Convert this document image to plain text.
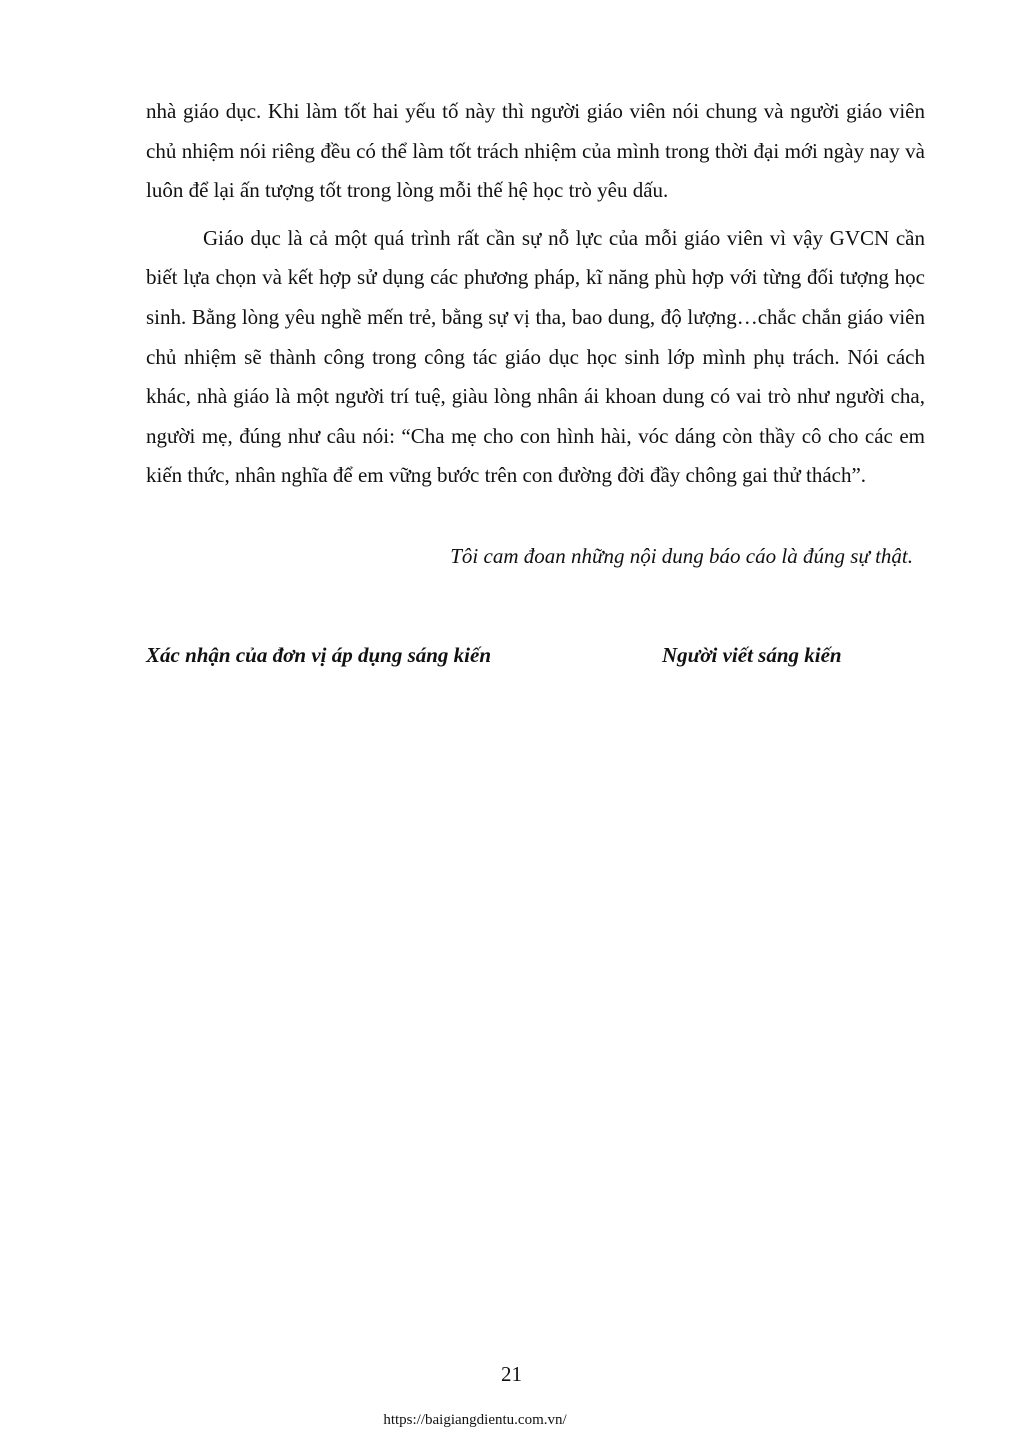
nhà giáo dục. Khi làm tốt hai yếu tố này thì người giáo viên nói chung và người giáo viên chủ nhiệm nói riêng đều có thể làm tốt trách nhiệm của mình trong thời đại mới ngày nay và luôn để lại ấn tượng tốt trong lòng mỗi thế hệ học trò yêu dấu.

Giáo dục là cả một quá trình rất cần sự nỗ lực của mỗi giáo viên vì vậy GVCN cần biết lựa chọn và kết hợp sử dụng các phương pháp, kĩ năng phù hợp với từng đối tượng học sinh. Bằng lòng yêu nghề mến trẻ, bằng sự vị tha, bao dung, độ lượng…chắc chắn giáo viên chủ nhiệm sẽ thành công trong công tác giáo dục học sinh lớp mình phụ trách. Nói cách khác, nhà giáo là một người trí tuệ, giàu lòng nhân ái khoan dung có vai trò như người cha, người mẹ, đúng như câu nói: “Cha mẹ cho con hình hài, vóc dáng còn thầy cô cho các em kiến thức, nhân nghĩa để em vững bước trên con đường đời đầy chông gai thử thách”.

Tôi cam đoan những nội dung báo cáo là đúng sự thật.
Xác nhận của đơn vị áp dụng sáng kiến	Người viết sáng kiến
21
https://baigiangdientu.com.vn/
